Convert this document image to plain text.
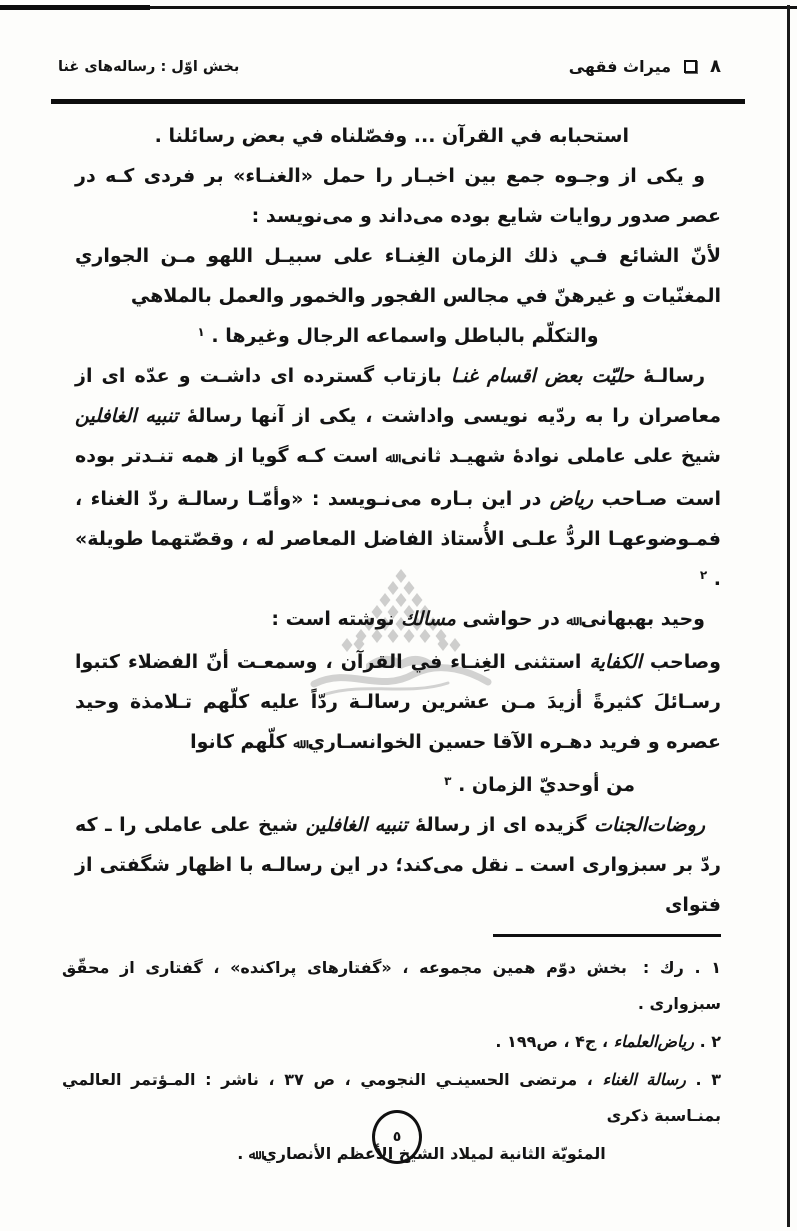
٨
ميراث فقهى
بخش اوّل : رساله‌هاى غنا

استحبابه في القرآن ... وفصّلناه في بعض رسائلنا .

و يكى از وجـوه جمع بين اخبـار را حمل «الغنـاء» بر فردى كـه در عصر صدور روايات شايع بوده مى‌داند و مى‌نويسد :

لأنّ الشائع فـي ذلك الزمان الغِنـاء على سبيـل اللهو مـن الجواري المغنّيات و غيرهنّ في مجالس الفجور والخمور والعمل بالملاهي

والتكلّم بالباطل واسماعه الرجال وغيرها . $^١$

رسالـهٔ حليّت بعض اقسام غنـا بازتاب گسترده اى داشـت و عدّه اى از معاصران را به ردّيه نويسى واداشت ، يكى از آنها رسالهٔ تنبيه الغافلين شيخ على عاملى نوادهٔ شهيـد ثانى ﷲ است كـه گويا از همه تنـدتر بوده است صـاحب رياض در اين بـاره مى‌نـويسد : «وأمّـا رسالـة ردّ الغناء ، فمـوضوعهـا الردُّ علـى الأُستاذ الفاضل المعاصر له ، وقصّتهما طويلة» . $^٢$

وحيد بهبهانى ﷲ در حواشى مسالك نوشته است :

وصاحب الكفاية استثنى الغِنـاء في القرآن ، وسمعـت أنّ الفضلاء كتبوا رسـائلَ كثيرةً أزيدَ مـن عشرين رسالـة ردّاً عليه كلّهم تـلامذة وحيد عصره و فريد دهـره الآقا حسين الخوانسـاري ﷲ كلّهم كانوا

من أوحديّ الزمان . $^٣$

روضات‌الجنات گزيده اى از رسالهٔ تنبيه الغافلين شيخ على عاملى را ـ كه ردّ بر سبزوارى است ـ نقل مى‌كند؛ در اين رسالـه با اظهار شگفتى از فتواى

١ . رك :بخش دوّم همين مجموعه ، «گفتارهاى پراكنده» ، گفتارى از محقّق سبزوارى .
٢ . رياض‌العلماء ، ج۴ ، ص١٩٩ .
٣ . رسالة الغناء ، مرتضى الحسينـي النجومي ، ص ٣٧ ، ناشر : المـؤتمر العالمي بمنـاسبة ذكرى
المئويّة الثانية لميلاد الشيخ الأعظم الأنصاري ﷲ .
٥
